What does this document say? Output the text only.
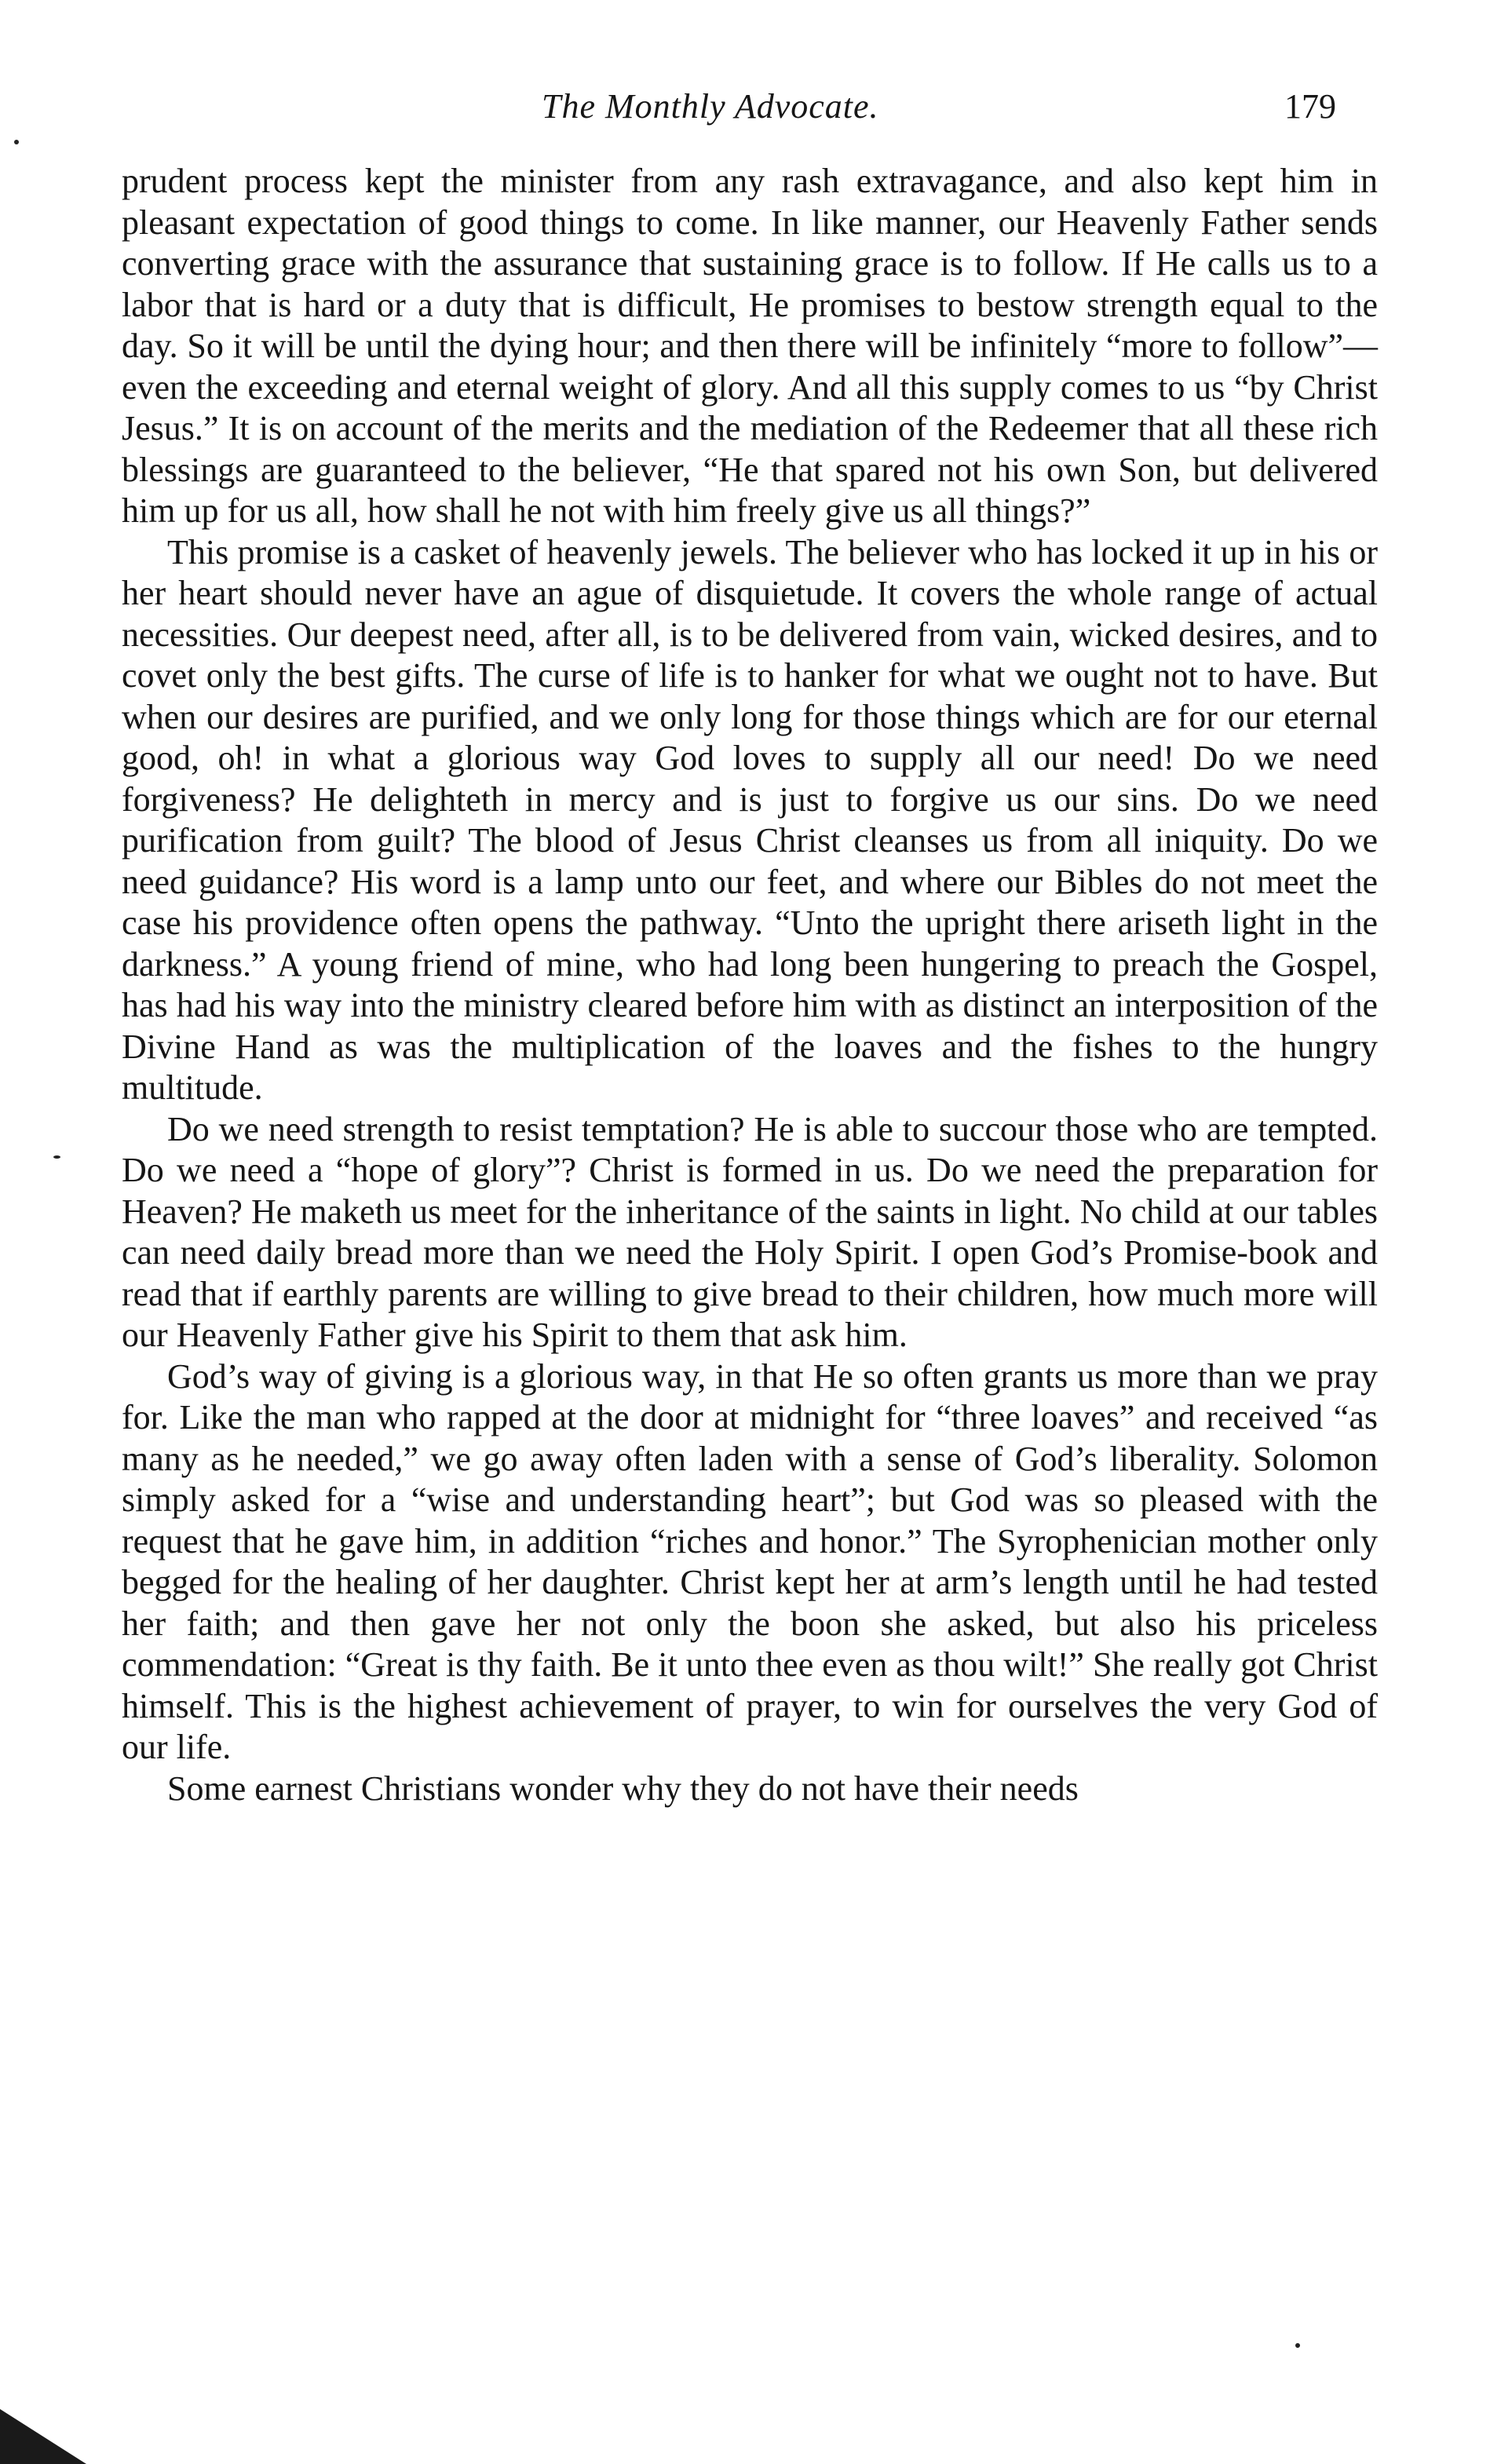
The Monthly Advocate.	179

prudent process kept the minister from any rash extravagance, and also kept him in pleasant expectation of good things to come. In like manner, our Heavenly Father sends converting grace with the assurance that sustaining grace is to follow. If He calls us to a labor that is hard or a duty that is difficult, He promises to bestow strength equal to the day. So it will be until the dying hour; and then there will be infinitely “more to follow”—even the exceeding and eternal weight of glory. And all this supply comes to us “by Christ Jesus.” It is on account of the merits and the mediation of the Redeemer that all these rich blessings are guaranteed to the believer, “He that spared not his own Son, but delivered him up for us all, how shall he not with him freely give us all things?”

This promise is a casket of heavenly jewels. The believer who has locked it up in his or her heart should never have an ague of disquietude. It covers the whole range of actual necessities. Our deepest need, after all, is to be delivered from vain, wicked desires, and to covet only the best gifts. The curse of life is to hanker for what we ought not to have. But when our desires are purified, and we only long for those things which are for our eternal good, oh! in what a glorious way God loves to supply all our need! Do we need forgiveness? He delighteth in mercy and is just to forgive us our sins. Do we need purification from guilt? The blood of Jesus Christ cleanses us from all iniquity. Do we need guidance? His word is a lamp unto our feet, and where our Bibles do not meet the case his providence often opens the pathway. “Unto the upright there ariseth light in the darkness.” A young friend of mine, who had long been hungering to preach the Gospel, has had his way into the ministry cleared before him with as distinct an interposition of the Divine Hand as was the multiplication of the loaves and the fishes to the hungry multitude.

Do we need strength to resist temptation? He is able to succour those who are tempted. Do we need a “hope of glory”? Christ is formed in us. Do we need the preparation for Heaven? He maketh us meet for the inheritance of the saints in light. No child at our tables can need daily bread more than we need the Holy Spirit. I open God’s Promise-book and read that if earthly parents are willing to give bread to their children, how much more will our Heavenly Father give his Spirit to them that ask him.

God’s way of giving is a glorious way, in that He so often grants us more than we pray for. Like the man who rapped at the door at midnight for “three loaves” and received “as many as he needed,” we go away often laden with a sense of God’s liberality. Solomon simply asked for a “wise and understanding heart”; but God was so pleased with the request that he gave him, in addition “riches and honor.” The Syrophenician mother only begged for the healing of her daughter. Christ kept her at arm’s length until he had tested her faith; and then gave her not only the boon she asked, but also his priceless commendation: “Great is thy faith. Be it unto thee even as thou wilt!” She really got Christ himself. This is the highest achievement of prayer, to win for ourselves the very God of our life.

Some earnest Christians wonder why they do not have their needs
